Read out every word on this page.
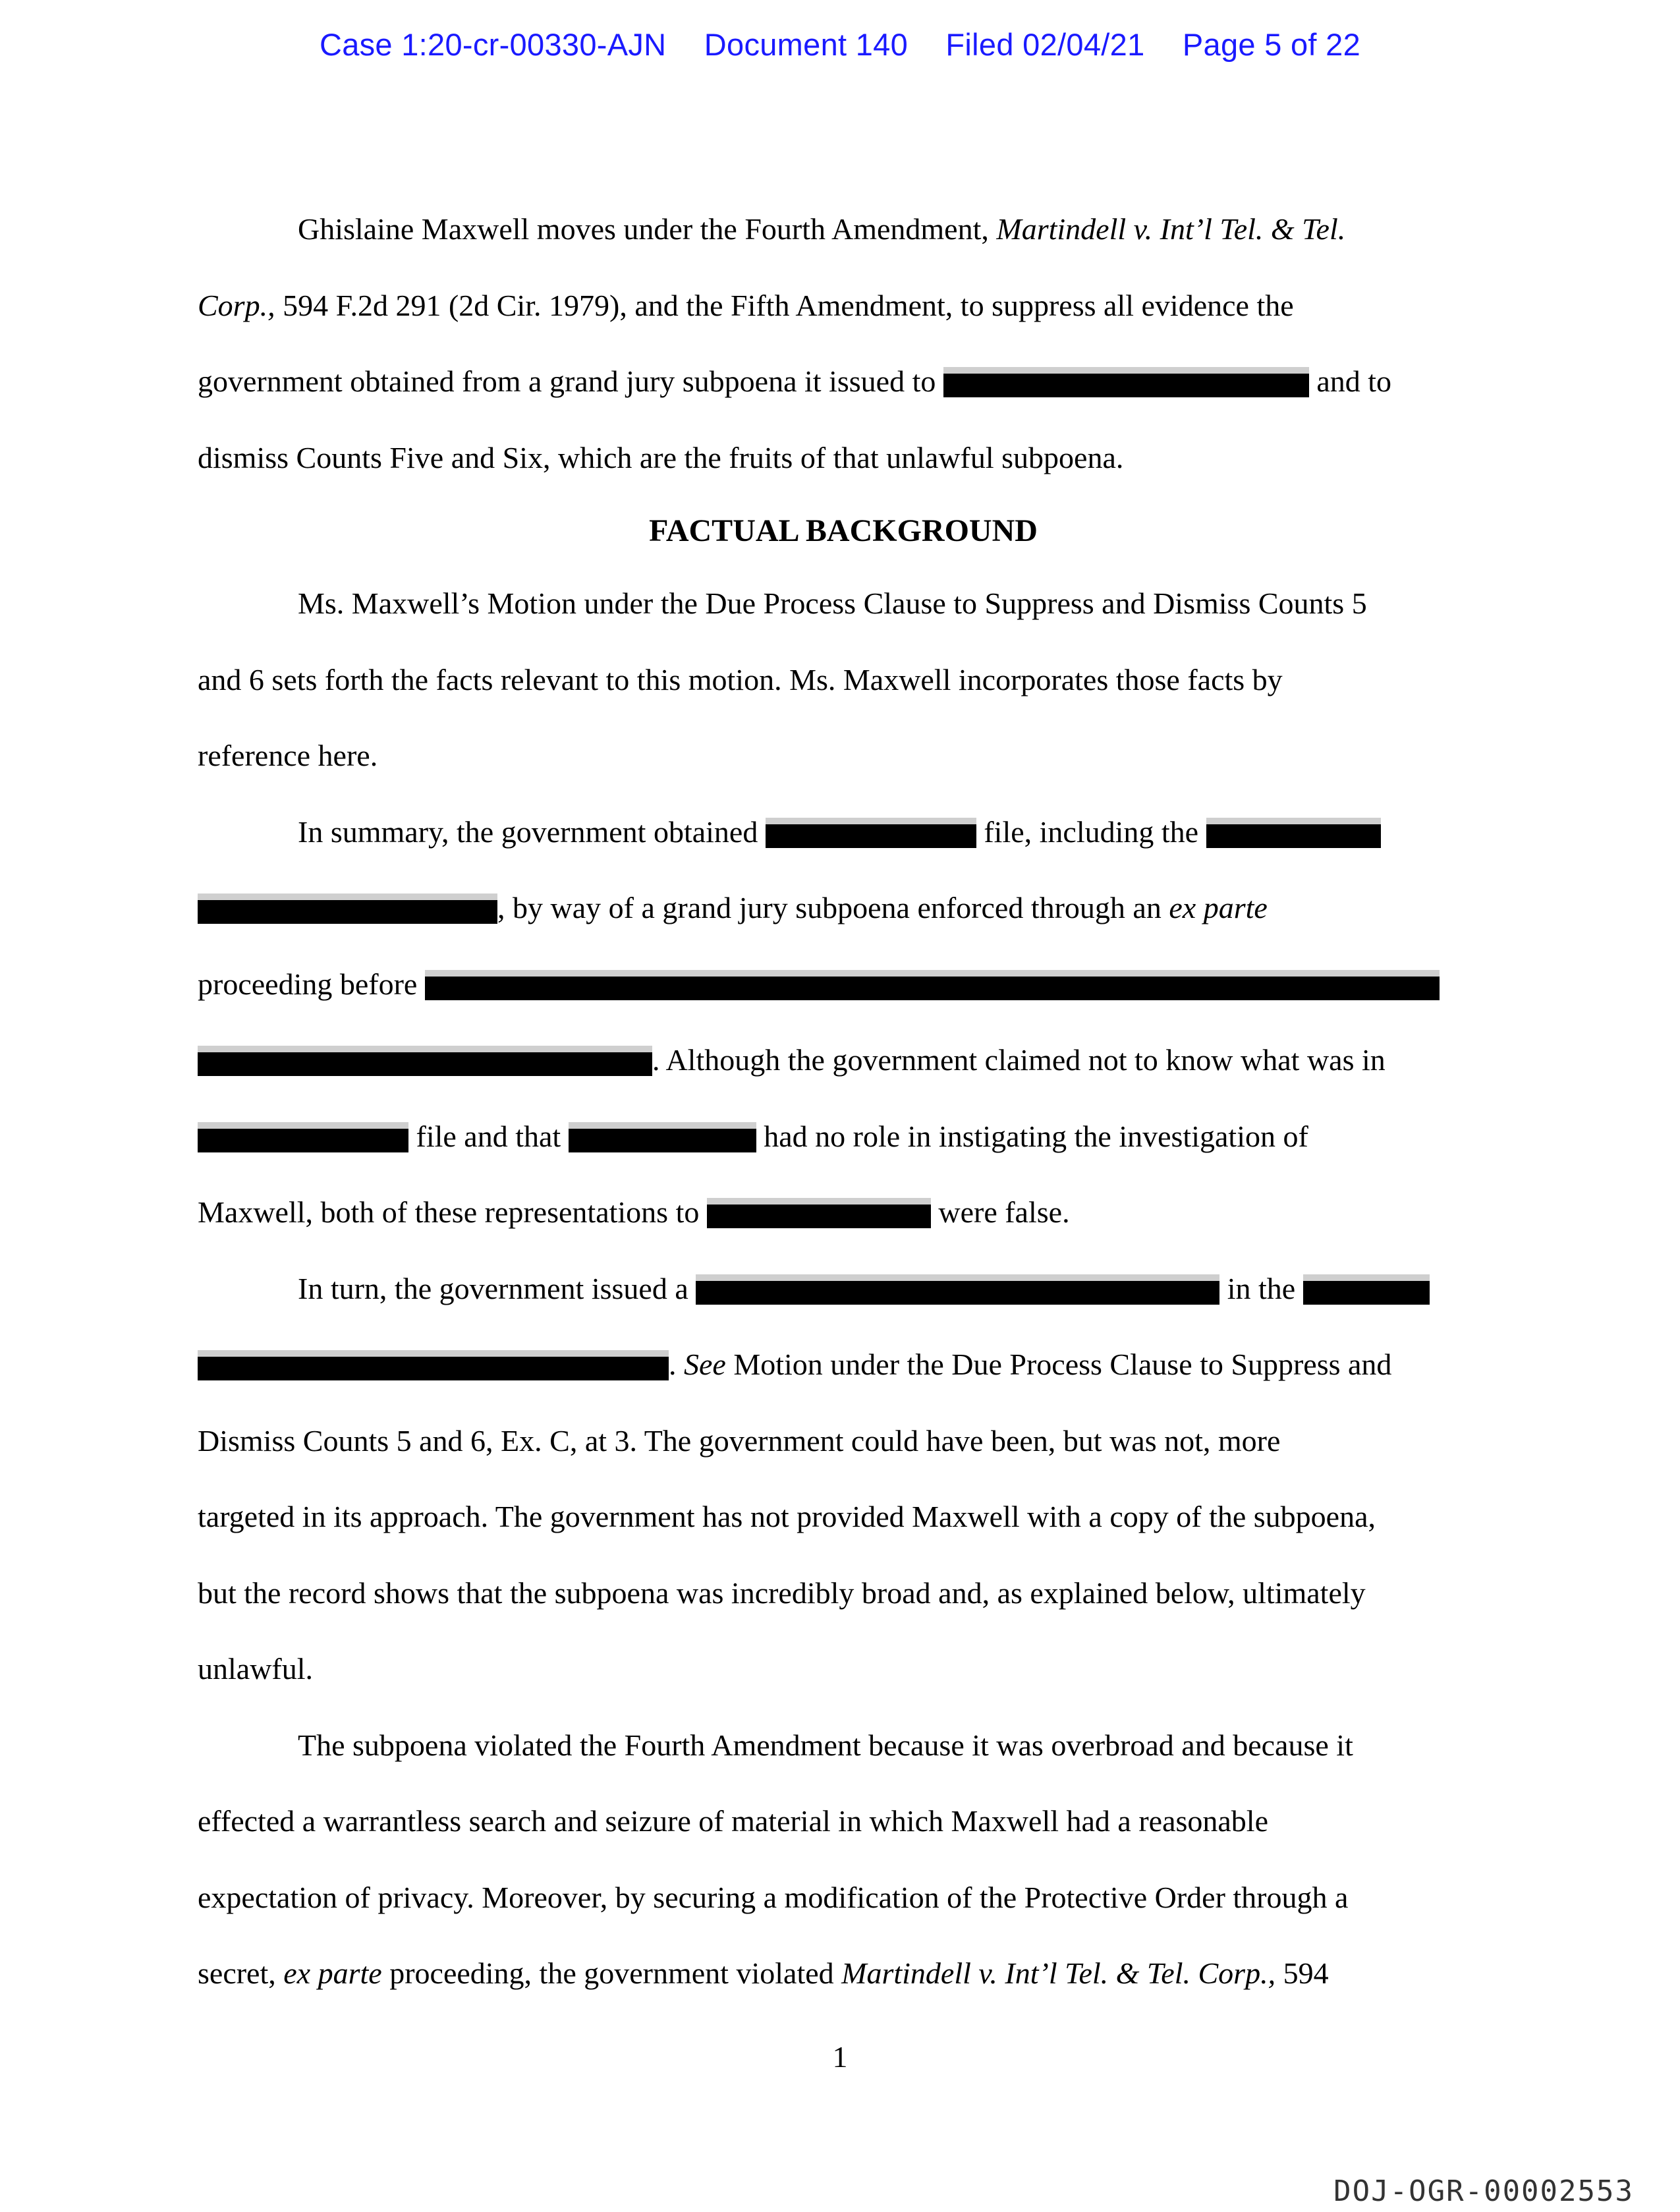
Case 1:20-cr-00330-AJN Document 140 Filed 02/04/21 Page 5 of 22
Ghislaine Maxwell moves under the Fourth Amendment, Martindell v. Int’l Tel. & Tel.
Corp., 594 F.2d 291 (2d Cir. 1979), and the Fifth Amendment, to suppress all evidence the
government obtained from a grand jury subpoena it issued to	and to
dismiss Counts Five and Six, which are the fruits of that unlawful subpoena.
FACTUAL BACKGROUND
Ms. Maxwell’s Motion under the Due Process Clause to Suppress and Dismiss Counts 5
and 6 sets forth the facts relevant to this motion. Ms. Maxwell incorporates those facts by
reference here.
In summary, the government obtained	file, including the
, by way of a grand jury subpoena enforced through an ex parte
proceeding before
. Although the government claimed not to know what was in
file and that	had no role in instigating the investigation of
Maxwell, both of these representations to	were false.
In turn, the government issued a	in the
. See Motion under the Due Process Clause to Suppress and
Dismiss Counts 5 and 6, Ex. C, at 3. The government could have been, but was not, more
targeted in its approach. The government has not provided Maxwell with a copy of the subpoena,
but the record shows that the subpoena was incredibly broad and, as explained below, ultimately
unlawful.
The subpoena violated the Fourth Amendment because it was overbroad and because it
effected a warrantless search and seizure of material in which Maxwell had a reasonable
expectation of privacy. Moreover, by securing a modification of the Protective Order through a
secret, ex parte proceeding, the government violated Martindell v. Int’l Tel. & Tel. Corp., 594
1
DOJ-OGR-00002553
